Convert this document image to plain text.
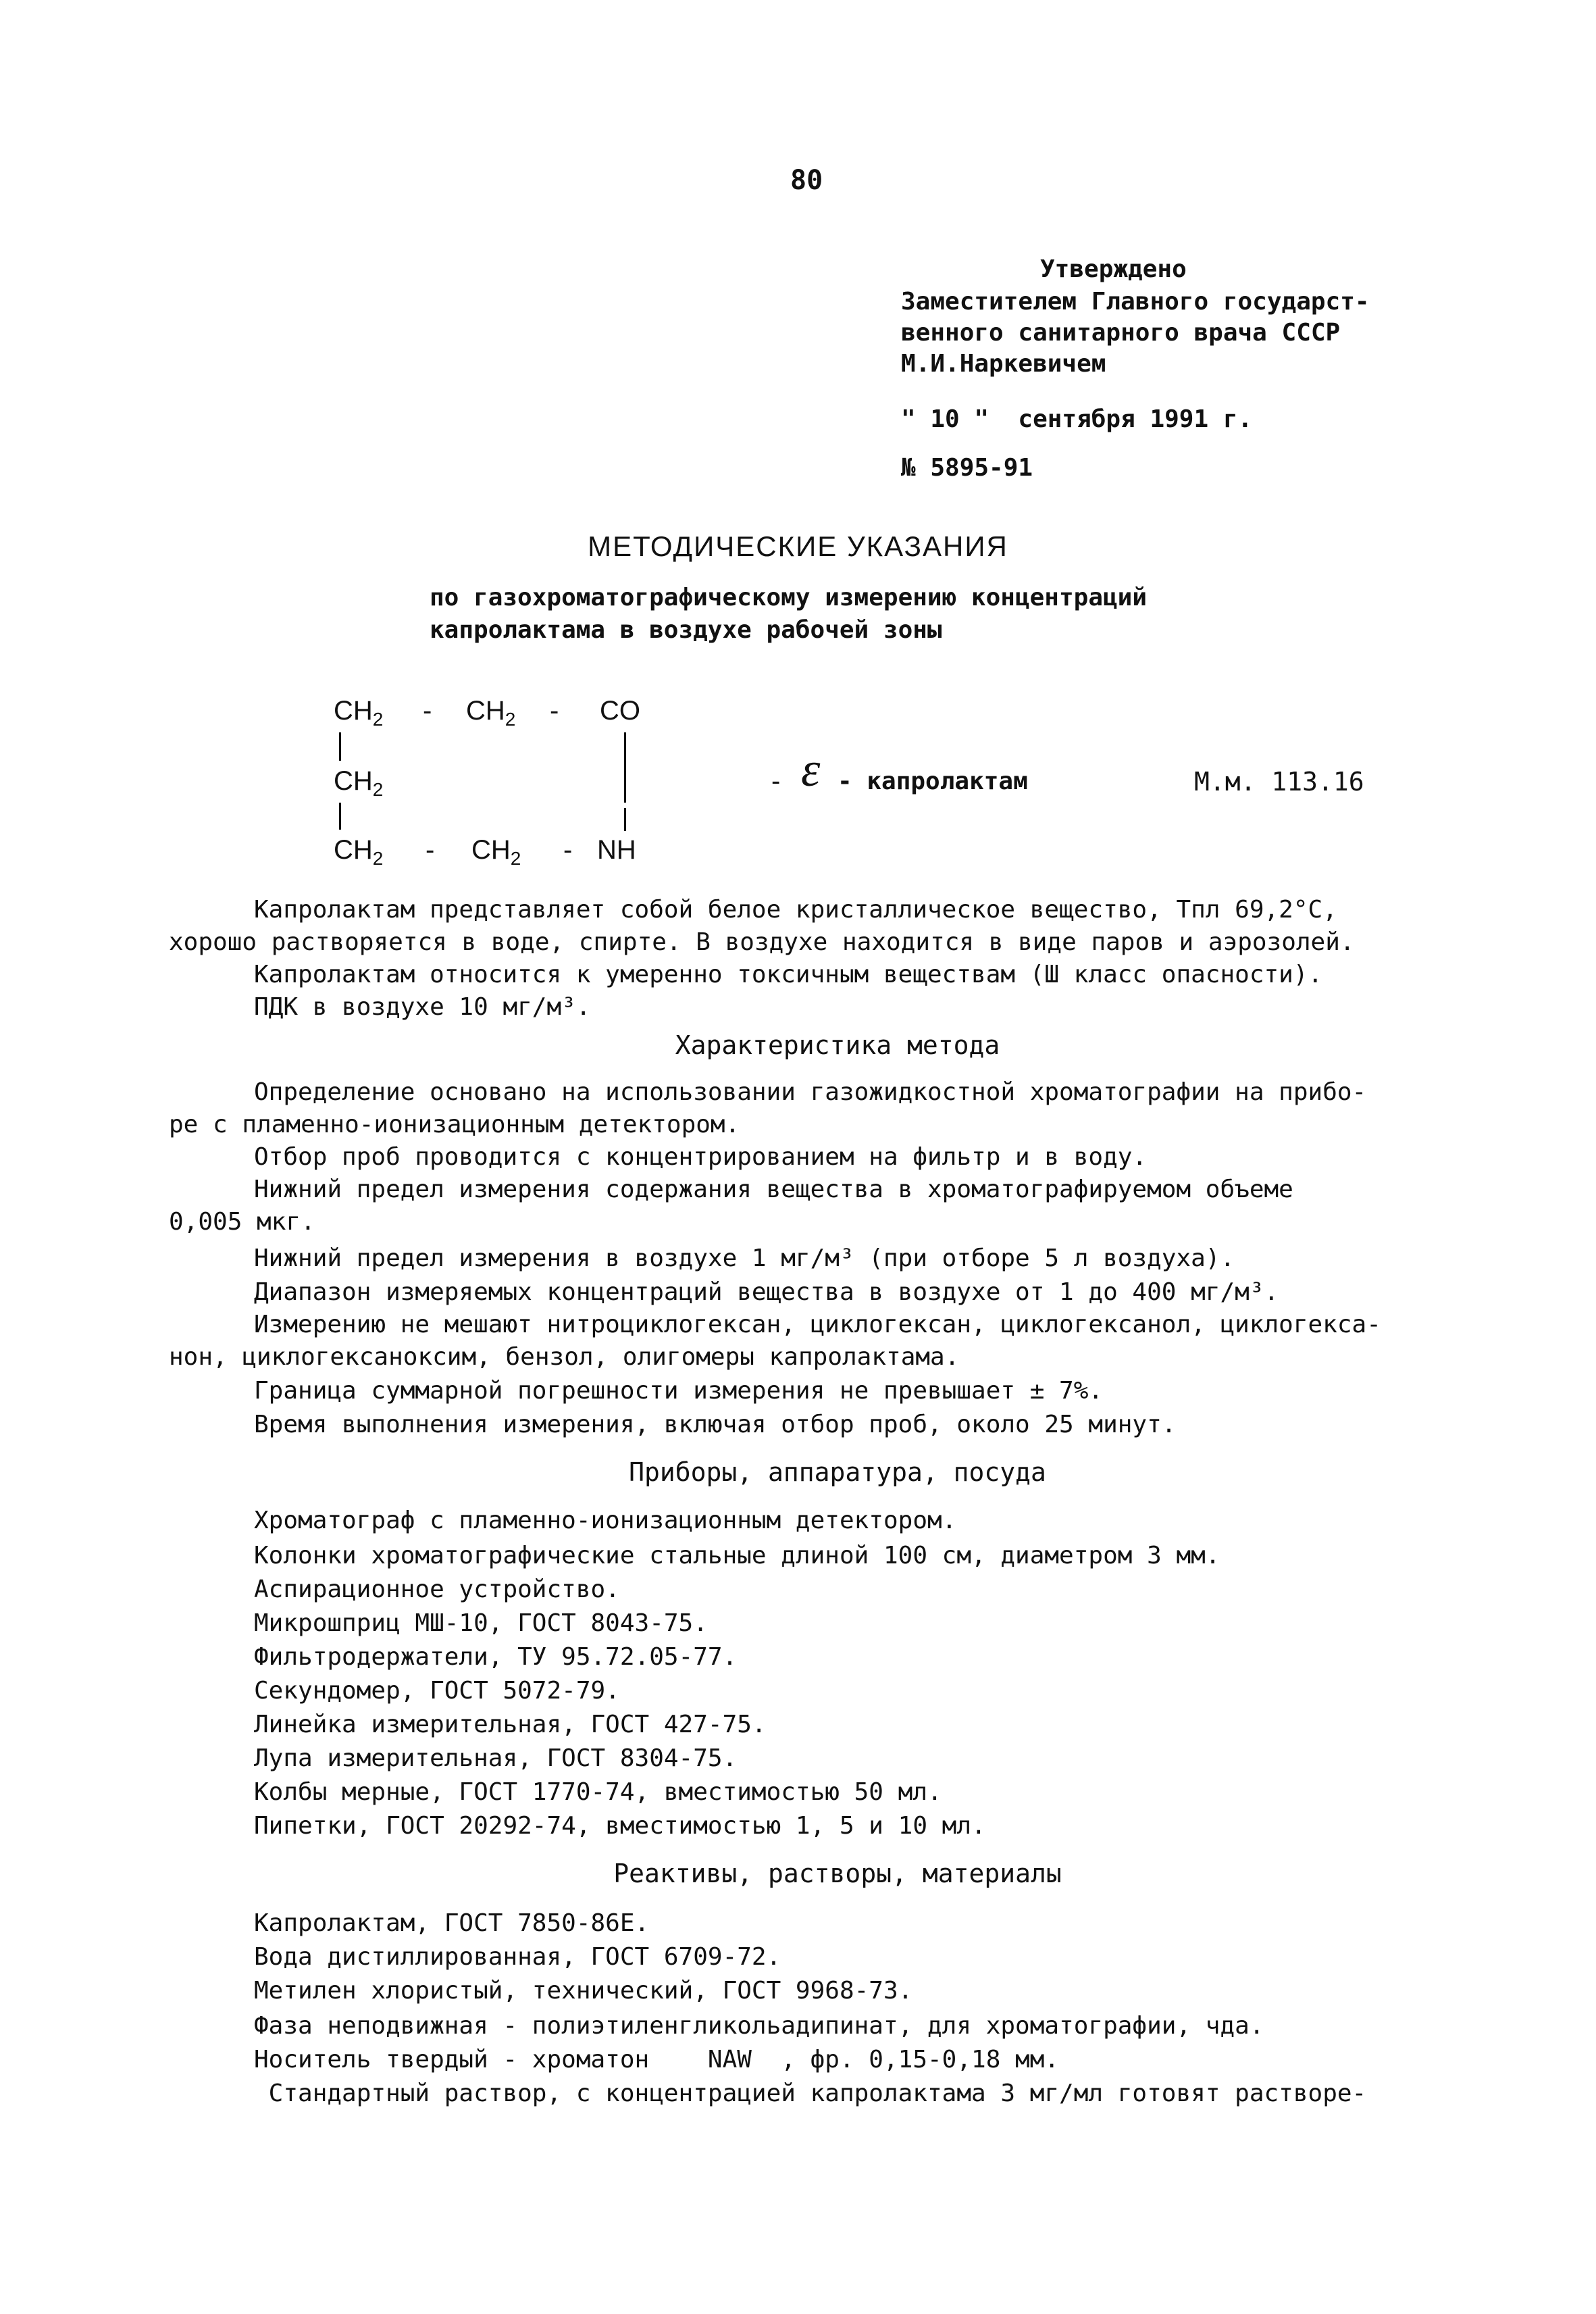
80
Утверждено
Заместителем Главного государст-
венного санитарного врача СССР
М.И.Наркевичем
" 10 "  сентября 1991 г.
№ 5895-91
МЕТОДИЧЕСКИЕ УКАЗАНИЯ
по газохроматографическому измерению концентраций
капролактама в воздухе рабочей зоны
$CH_2 - CH_2$ - CO
$CH_2$
$CH_2 - CH_2$ - NH
- ε - капролактам	М.м. 113.16
Капролактам представляет собой белое кристаллическое вещество, Тпл 69,2°С,
хорошо растворяется в воде, спирте. В воздухе находится в виде паров и аэрозолей.
Капролактам относится к умеренно токсичным веществам (Ш класс опасности).
ПДК в воздухе 10 мг/м³.
Характеристика метода
Определение основано на использовании газожидкостной хроматографии на прибо-
ре с пламенно-ионизационным детектором.
Отбор проб проводится с концентрированием на фильтр и в воду.
Нижний предел измерения содержания вещества в хроматографируемом объеме
0,005 мкг.
Нижний предел измерения в воздухе 1 мг/м³ (при отборе 5 л воздуха).
Диапазон измеряемых концентраций вещества в воздухе от 1 до 400 мг/м³.
Измерению не мешают нитроциклогексан, циклогексан, циклогексанол, циклогекса-
нон, циклогексаноксим, бензол, олигомеры капролактама.
Граница суммарной погрешности измерения не превышает ± 7%.
Время выполнения измерения, включая отбор проб, около 25 минут.
Приборы, аппаратура, посуда
Хроматограф с пламенно-ионизационным детектором.
Колонки хроматографические стальные длиной 100 см, диаметром 3 мм.
Аспирационное устройство.
Микрошприц МШ-10, ГОСТ 8043-75.
Фильтродержатели, ТУ 95.72.05-77.
Секундомер, ГОСТ 5072-79.
Линейка измерительная, ГОСТ 427-75.
Лупа измерительная, ГОСТ 8304-75.
Колбы мерные, ГОСТ 1770-74, вместимостью 50 мл.
Пипетки, ГОСТ 20292-74, вместимостью 1, 5 и 10 мл.
Реактивы, растворы, материалы
Капролактам, ГОСТ 7850-86Е.
Вода дистиллированная, ГОСТ 6709-72.
Метилен хлористый, технический, ГОСТ 9968-73.
Фаза неподвижная - полиэтиленгликольадипинат, для хроматографии, чда.
Носитель твердый - хроматон    NAW  , фр. 0,15-0,18 мм.
Стандартный раствор, с концентрацией капролактама 3 мг/мл готовят растворе-
